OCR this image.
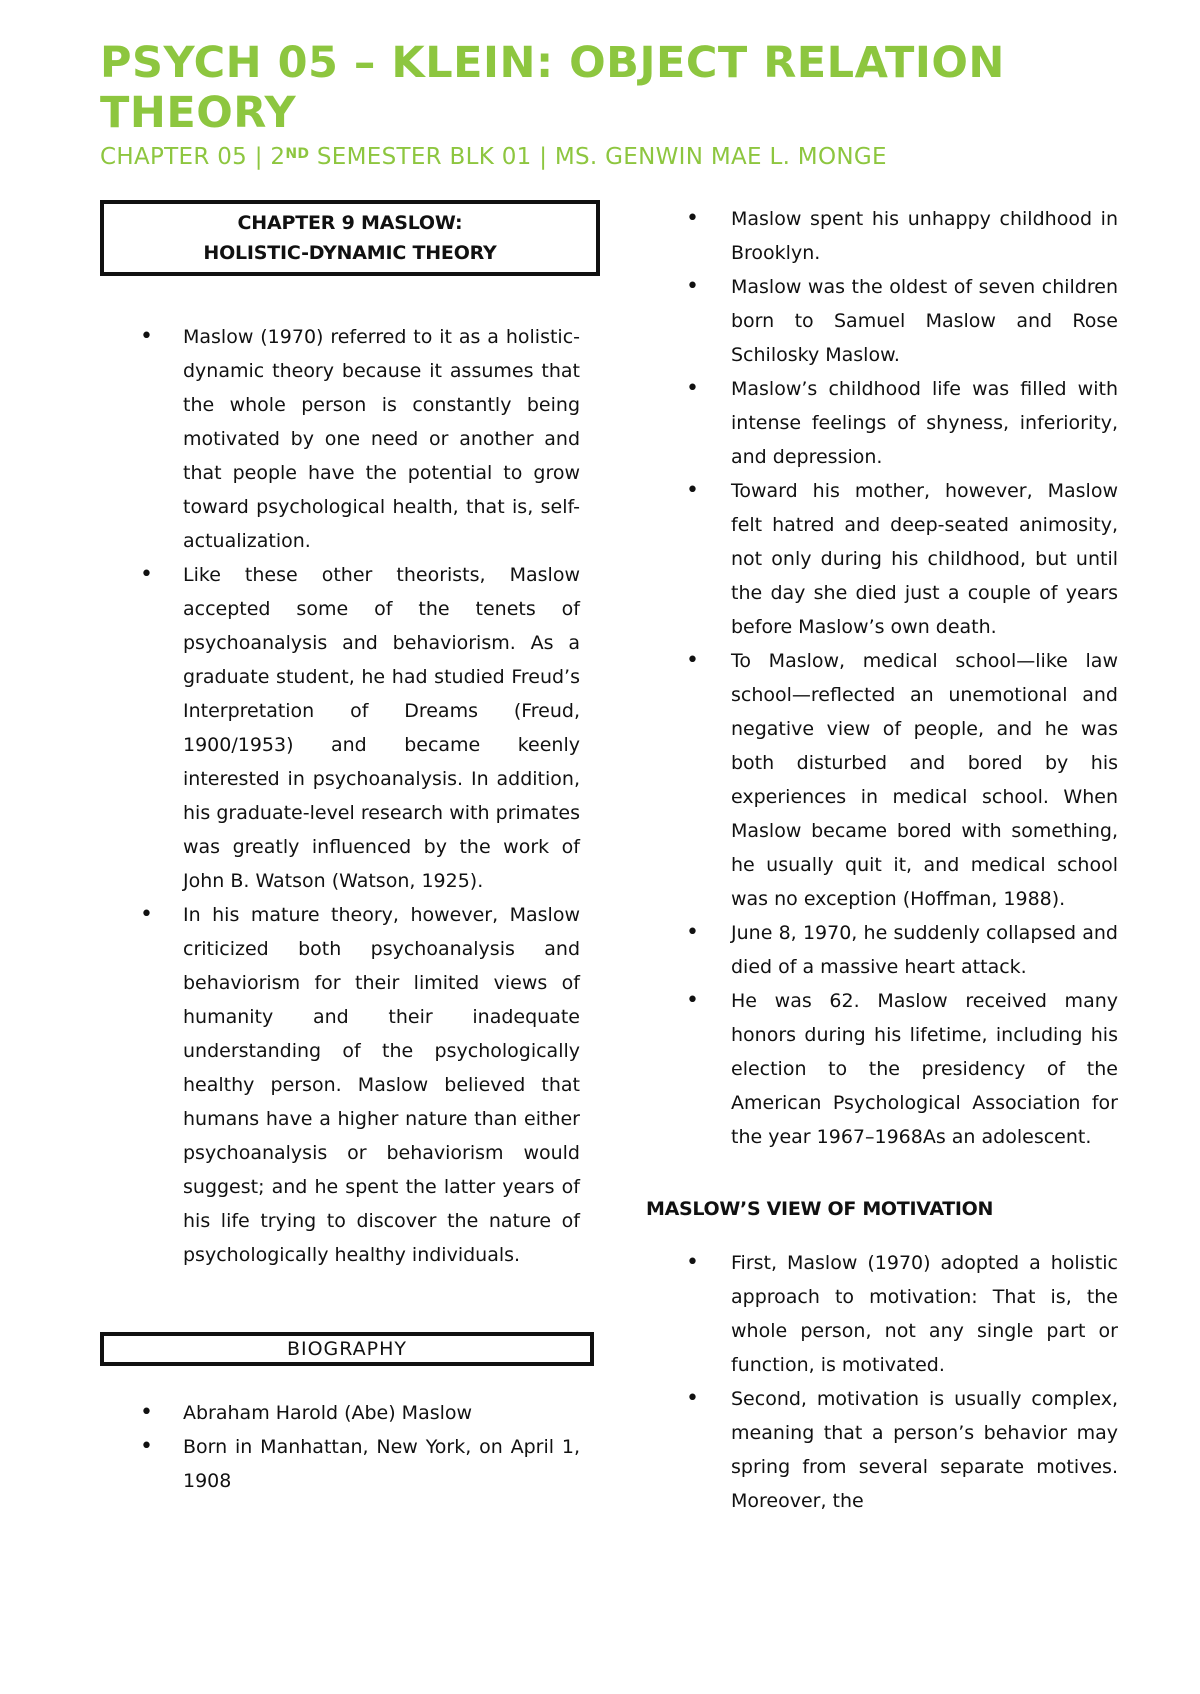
PSYCH 05 – KLEIN: OBJECT RELATION THEORY
CHAPTER 05 | 2ND SEMESTER BLK 01 | MS. GENWIN MAE L. MONGE
CHAPTER 9 MASLOW:
HOLISTIC-DYNAMIC THEORY
• Maslow (1970) referred to it as a holistic-dynamic theory because it assumes that the whole person is constantly being motivated by one need or another and that people have the potential to grow toward psychological health, that is, self-actualization.
• Like these other theorists, Maslow accepted some of the tenets of psychoanalysis and behaviorism. As a graduate student, he had studied Freud’s Interpretation of Dreams (Freud, 1900/1953) and became keenly interested in psychoanalysis. In addition, his graduate-level research with primates was greatly influenced by the work of John B. Watson (Watson, 1925).
• In his mature theory, however, Maslow criticized both psychoanalysis and behaviorism for their limited views of humanity and their inadequate understanding of the psychologically healthy person. Maslow believed that humans have a higher nature than either psychoanalysis or behaviorism would suggest; and he spent the latter years of his life trying to discover the nature of psychologically healthy individuals.
BIOGRAPHY
• Abraham Harold (Abe) Maslow
• Born in Manhattan, New York, on April 1, 1908
• Maslow spent his unhappy childhood in Brooklyn.
• Maslow was the oldest of seven children born to Samuel Maslow and Rose Schilosky Maslow.
• Maslow’s childhood life was filled with intense feelings of shyness, inferiority, and depression.
• Toward his mother, however, Maslow felt hatred and deep-seated animosity, not only during his childhood, but until the day she died just a couple of years before Maslow’s own death.
• To Maslow, medical school—like law school—reflected an unemotional and negative view of people, and he was both disturbed and bored by his experiences in medical school. When Maslow became bored with something, he usually quit it, and medical school was no exception (Hoffman, 1988).
• June 8, 1970, he suddenly collapsed and died of a massive heart attack.
• He was 62. Maslow received many honors during his lifetime, including his election to the presidency of the American Psychological Association for the year 1967–1968As an adolescent.
MASLOW’S VIEW OF MOTIVATION
• First, Maslow (1970) adopted a holistic approach to motivation: That is, the whole person, not any single part or function, is motivated.
• Second, motivation is usually complex, meaning that a person’s behavior may spring from several separate motives. Moreover, the
